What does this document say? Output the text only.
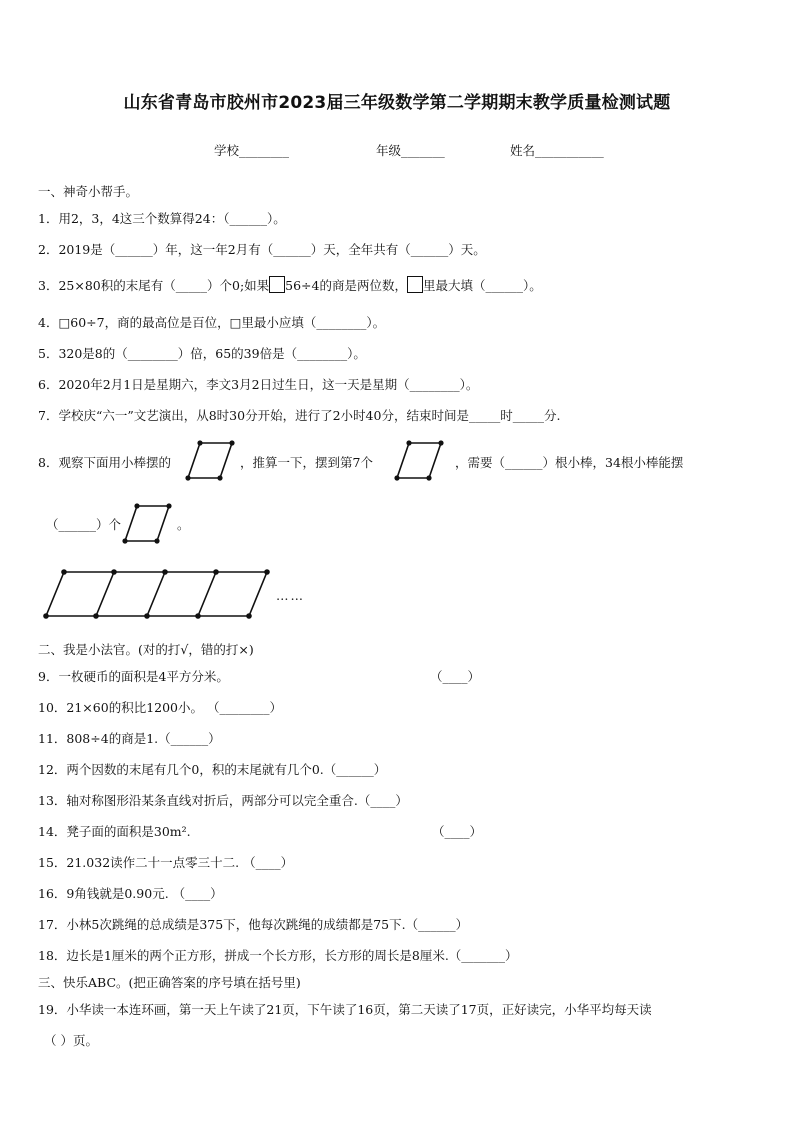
山东省青岛市胶州市2023届三年级数学第二学期期末教学质量检测试题
学校________	年级_______	姓名___________
一、神奇小帮手。
1．用2，3，4这三个数算得24：（______）。
2．2019是（______）年，这一年2月有（______）天，全年共有（______）天。
3．25×80积的末尾有（_____）个0;如果 56÷4的商是两位数， 里最大填（______）。
4．□60÷7，商的最高位是百位，□里最小应填（________）。
5．320是8的（________）倍，65的39倍是（________）。
6．2020年2月1日是星期六，李文3月2日过生日，这一天是星期（________）。
7．学校庆“六一”文艺演出，从8时30分开始，进行了2小时40分，结束时间是_____时_____分.
8．观察下面用小棒摆的	，推算一下，摆到第7个	，需要（______）根小棒，34根小棒能摆
（______）个	。
……
二、我是小法官。(对的打√，错的打×)
9．一枚硬币的面积是4平方分米。	（____）
10．21×60的积比1200小。 （________）
11．808÷4的商是1.（______）
12．两个因数的末尾有几个0，积的末尾就有几个0.（______）
13．轴对称图形沿某条直线对折后，两部分可以完全重合.（____）
14．凳子面的面积是30m².	（____）
15．21.032读作二十一点零三十二. （____）
16．9角钱就是0.90元. （____）
17．小林5次跳绳的总成绩是375下，他每次跳绳的成绩都是75下.（______）
18．边长是1厘米的两个正方形，拼成一个长方形，长方形的周长是8厘米.（_______）
三、快乐ABC。(把正确答案的序号填在括号里)
19．小华读一本连环画，第一天上午读了21页，下午读了16页，第二天读了17页，正好读完，小华平均每天读
（ ）页。
